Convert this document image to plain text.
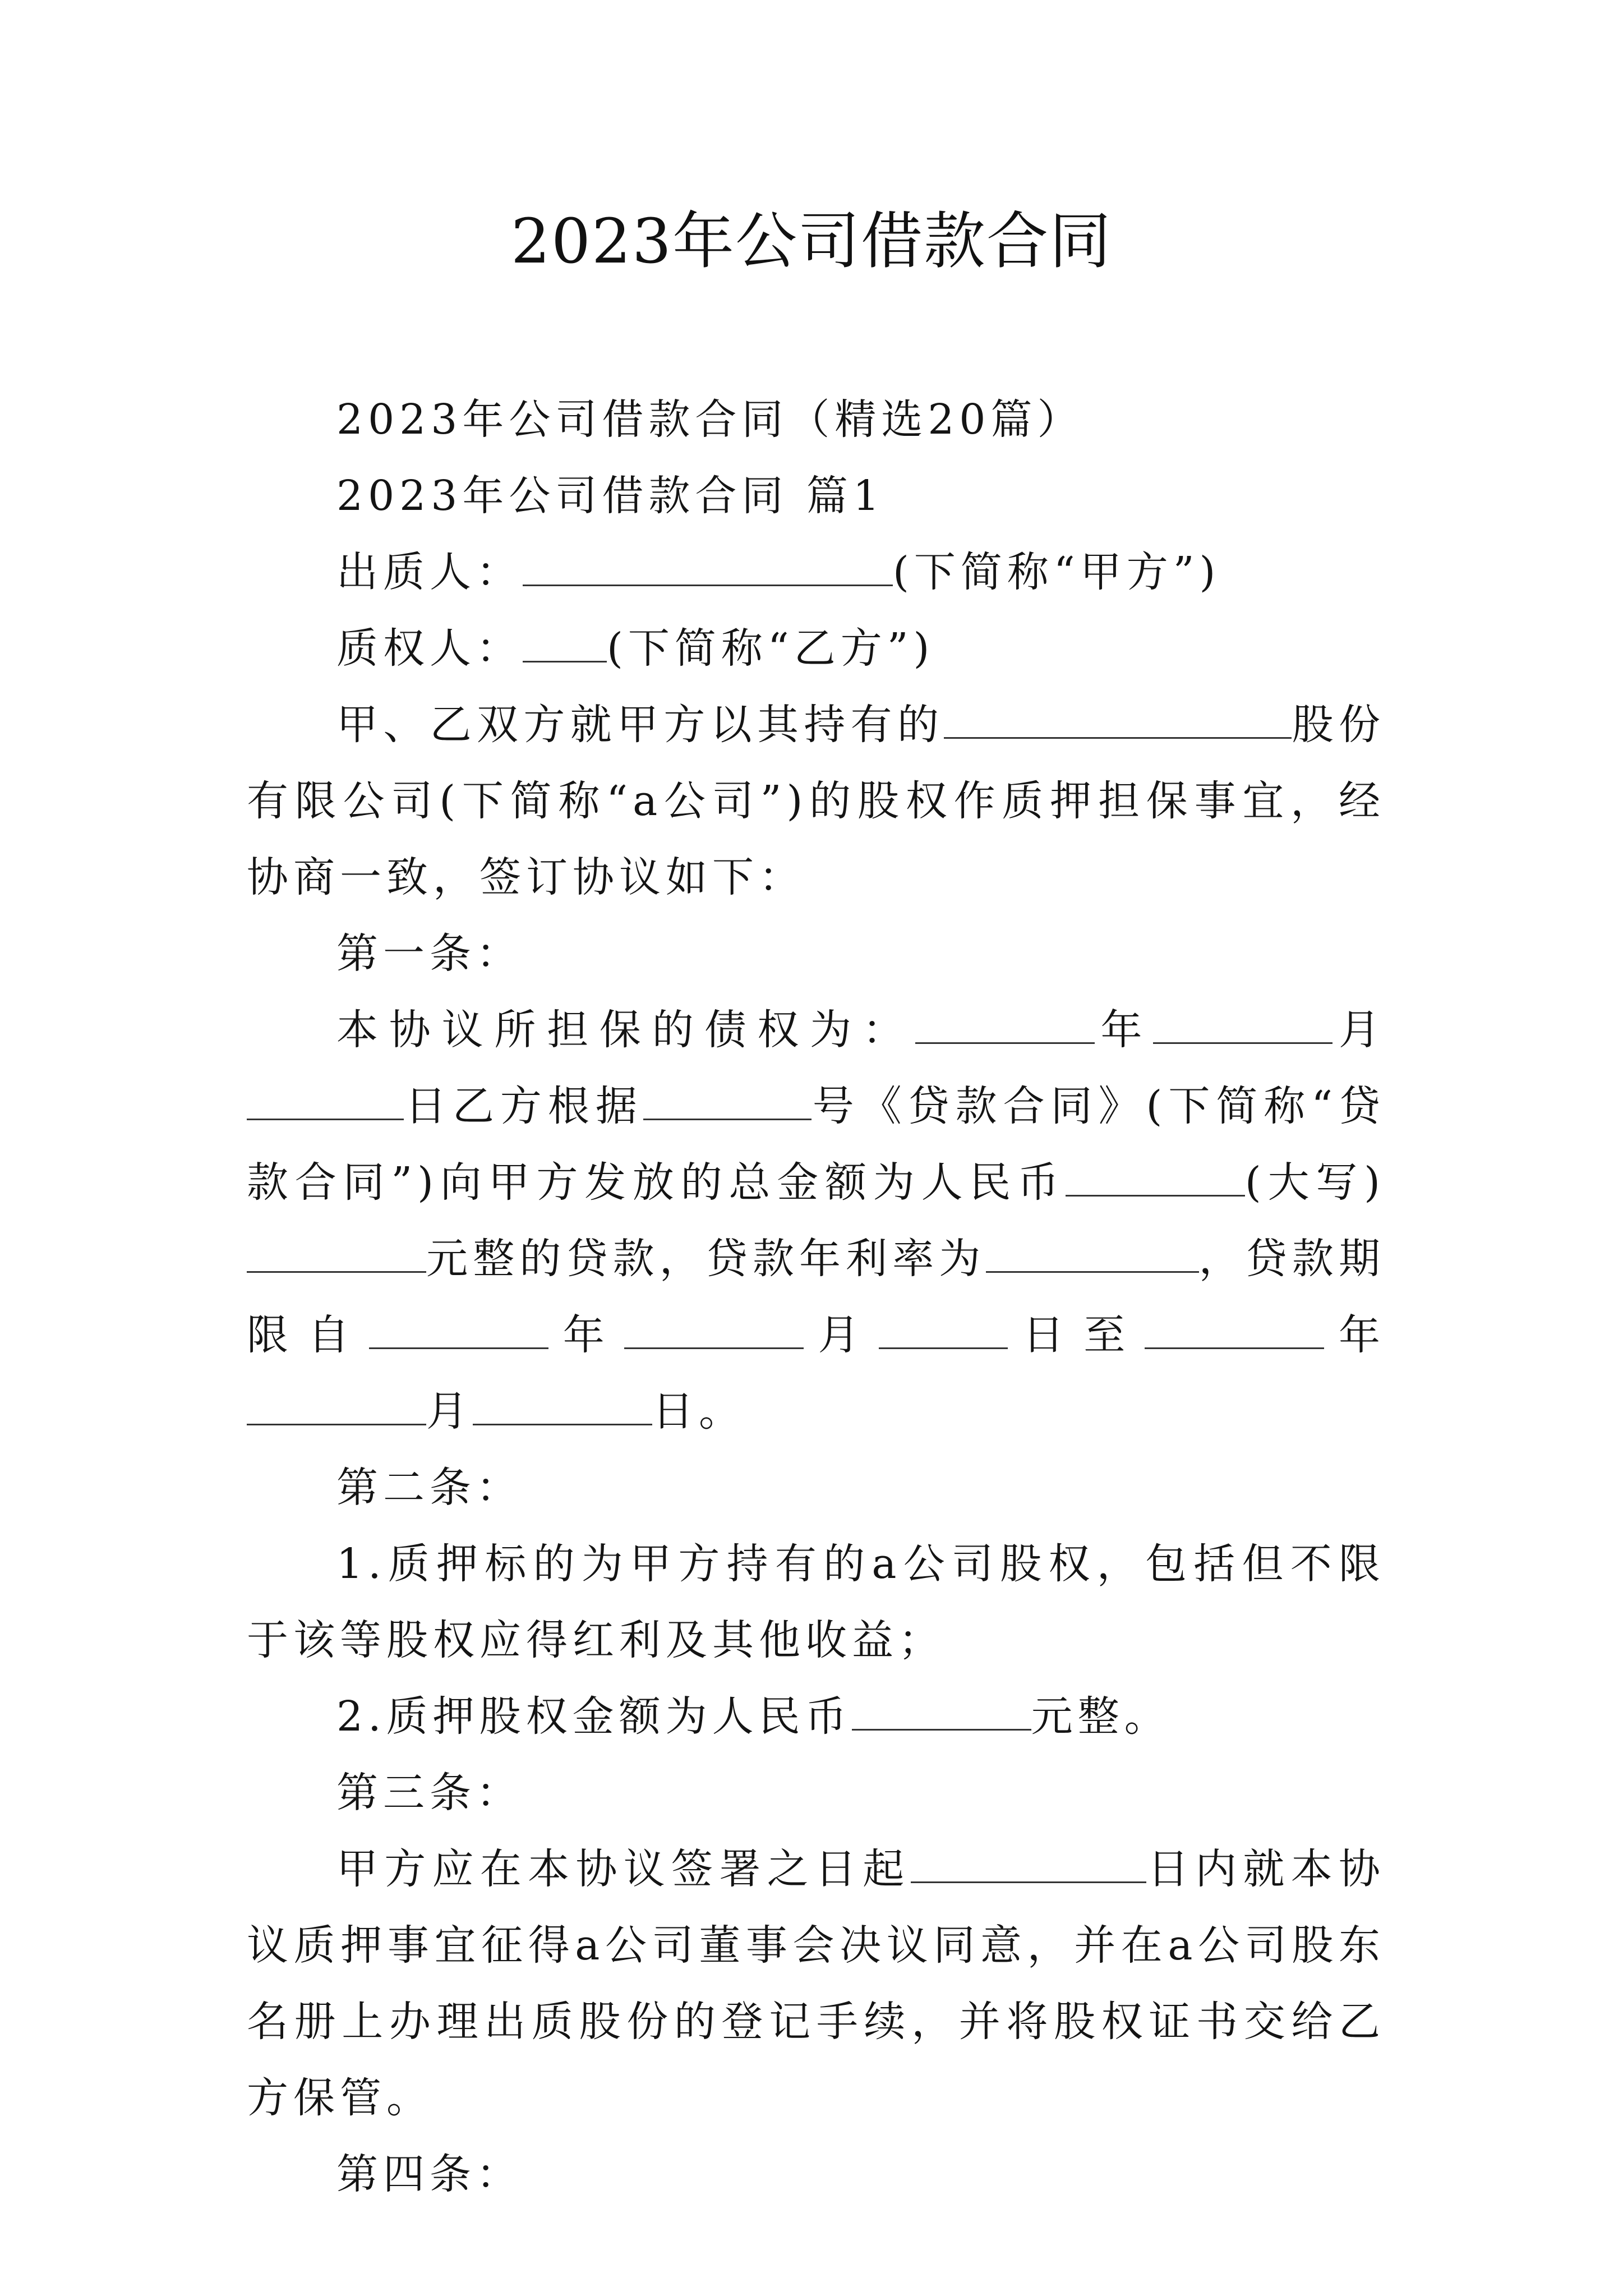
2023年公司借款合同

2023年公司借款合同（精选20篇）

2023年公司借款合同 篇1

出质人：	(下简称“甲方”)

质权人： (下简称“乙方”)

甲、乙双方就甲方以其持有的	股份有限公司(下简称“a公司”)的股权作质押担保事宜，经协商一致，签订协议如下：

第一条：

本协议所担保的债权为：	年	月日乙方根据	号《贷款合同》(下简称“贷款合同”)向甲方发放的总金额为人民币	(大写)元整的贷款，贷款年利率为	，贷款期限自	年	月	日至	年月	日。

第二条：

1.质押标的为甲方持有的a公司股权，包括但不限于该等股权应得红利及其他收益；

2.质押股权金额为人民币	元整。

第三条：

甲方应在本协议签署之日起	日内就本协议质押事宜征得a公司董事会决议同意，并在a公司股东名册上办理出质股份的登记手续，并将股权证书交给乙方保管。

第四条：
